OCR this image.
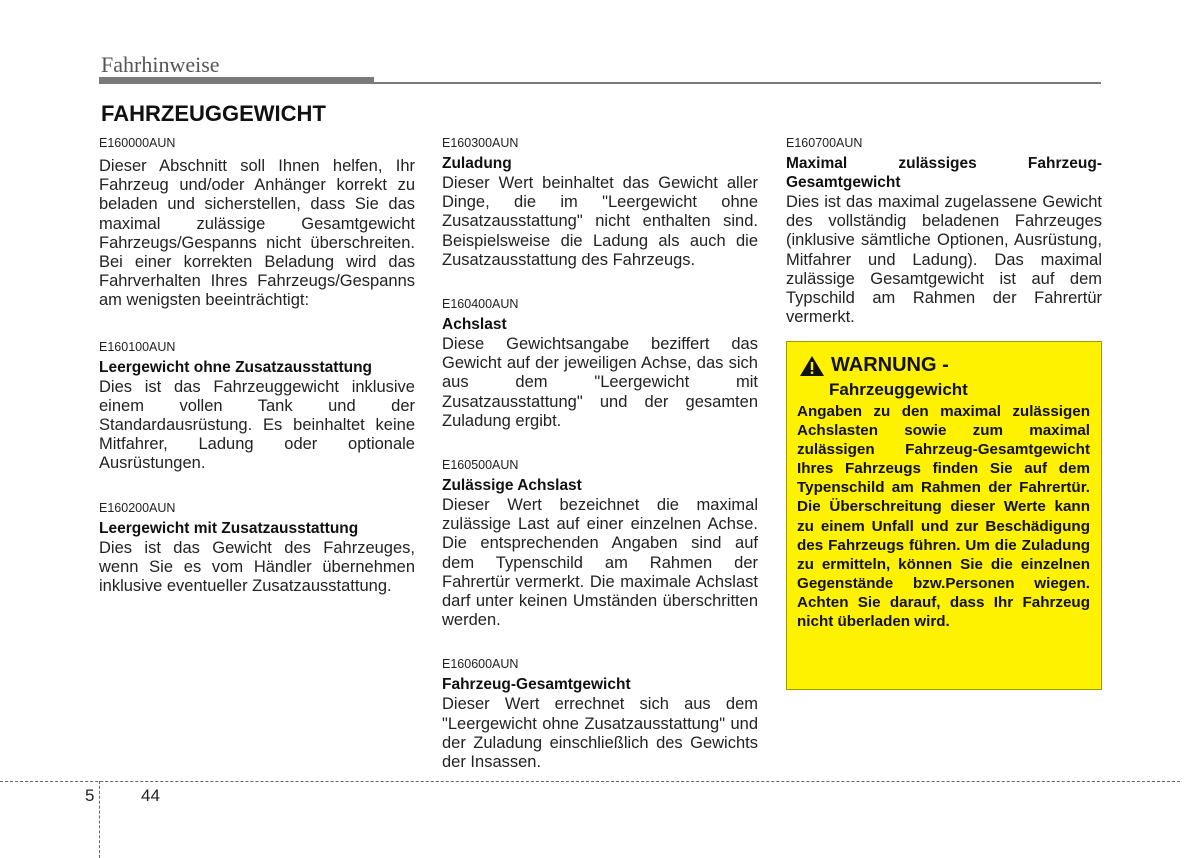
Fahrhinweise
FAHRZEUGGEWICHT

E160000AUN

Dieser Abschnitt soll Ihnen helfen, Ihr Fahrzeug und/oder Anhänger korrekt zu beladen und sicherstellen, dass Sie das maximal zulässige Gesamtgewicht Fahrzeugs/Gespanns nicht überschreiten. Bei einer korrekten Beladung wird das Fahrverhalten Ihres Fahrzeugs/Gespanns am wenigsten beeinträchtigt:

E160100AUN

Leergewicht ohne Zusatzausstattung

Dies ist das Fahrzeuggewicht inklusive einem vollen Tank und der Standardausrüstung. Es beinhaltet keine Mitfahrer, Ladung oder optionale Ausrüstungen.

E160200AUN

Leergewicht mit Zusatzausstattung

Dies ist das Gewicht des Fahrzeuges, wenn Sie es vom Händler übernehmen inklusive eventueller Zusatzausstattung.

E160300AUN

Zuladung

Dieser Wert beinhaltet das Gewicht aller Dinge, die im "Leergewicht ohne Zusatzausstattung" nicht enthalten sind. Beispielsweise die Ladung als auch die Zusatzausstattung des Fahrzeugs.

E160400AUN

Achslast

Diese Gewichtsangabe beziffert das Gewicht auf der jeweiligen Achse, das sich aus dem "Leergewicht mit Zusatzausstattung" und der gesamten Zuladung ergibt.

E160500AUN

Zulässige Achslast

Dieser Wert bezeichnet die maximal zulässige Last auf einer einzelnen Achse. Die entsprechenden Angaben sind auf dem Typenschild am Rahmen der Fahrertür vermerkt. Die maximale Achslast darf unter keinen Umständen überschritten werden.

E160600AUN

Fahrzeug-Gesamtgewicht

Dieser Wert errechnet sich aus dem "Leergewicht ohne Zusatzausstattung" und der Zuladung einschließlich des Gewichts der Insassen.

E160700AUN

Maximal zulässiges Fahrzeug-Gesamtgewicht

Dies ist das maximal zugelassene Gewicht des vollständig beladenen Fahrzeuges (inklusive sämtliche Optionen, Ausrüstung, Mitfahrer und Ladung). Das maximal zulässige Gesamtgewicht ist auf dem Typschild am Rahmen der Fahrertür vermerkt.

WARNUNG -
Fahrzeuggewicht

Angaben zu den maximal zulässigen Achslasten sowie zum maximal zulässigen Fahrzeug-Gesamtgewicht Ihres Fahrzeugs finden Sie auf dem Typenschild am Rahmen der Fahrertür. Die Überschreitung dieser Werte kann zu einem Unfall und zur Beschädigung des Fahrzeugs führen. Um die Zuladung zu ermitteln, können Sie die einzelnen Gegenstände bzw.Personen wiegen. Achten Sie darauf, dass Ihr Fahrzeug nicht überladen wird.

5	44
